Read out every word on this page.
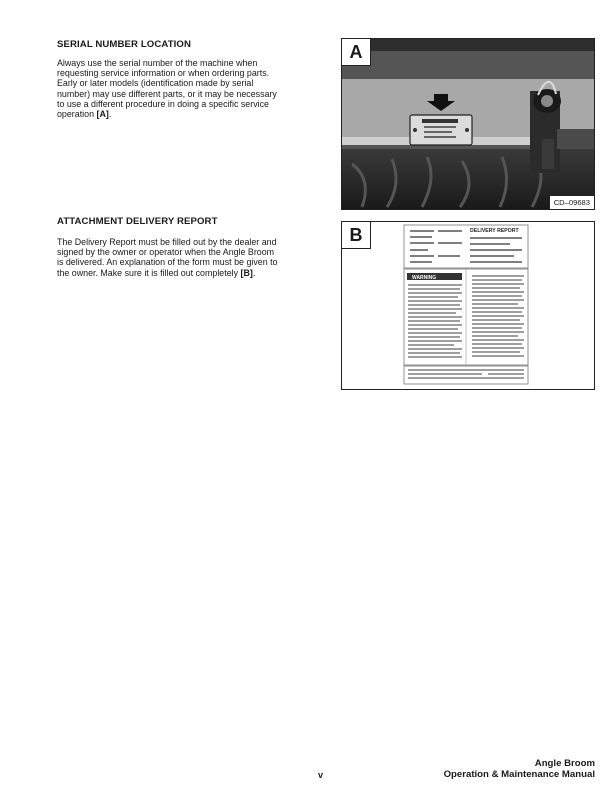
SERIAL NUMBER LOCATION
Always use the serial number of the machine when
requesting service information or when ordering parts.
Early or later models (identification made by serial
number) may use different parts, or it may be necessary
to use a different procedure in doing a specific service
operation [A].
ATTACHMENT DELIVERY REPORT
The Delivery Report must be filled out by the dealer and
signed by the owner or operator when the Angle Broom
is delivered. An explanation of the form must be given to
the owner. Make sure it is filled out completely [B].
A
CD–09683
B	DELIVERY REPORT
WARNING
v
Angle Broom
Operation & Maintenance Manual
